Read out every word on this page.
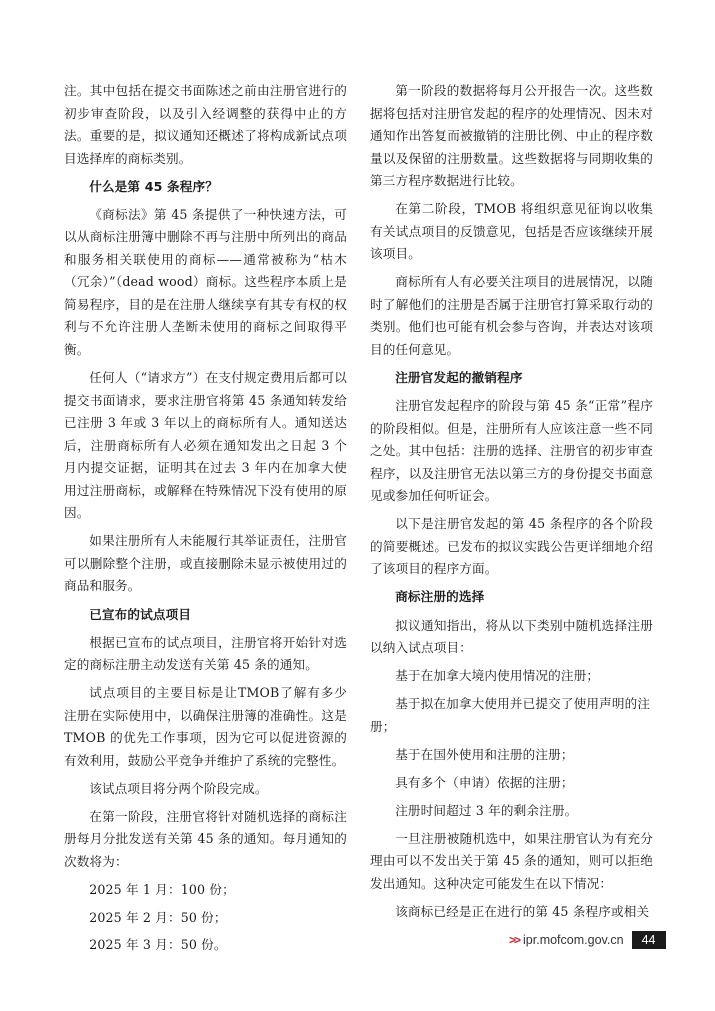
注。其中包括在提交书面陈述之前由注册官进行的初步审查阶段，以及引入经调整的获得中止的方法。重要的是，拟议通知还概述了将构成新试点项目选择库的商标类别。

什么是第 45 条程序？

《商标法》第 45 条提供了一种快速方法，可以从商标注册簿中删除不再与注册中所列出的商品和服务相关联使用的商标——通常被称为“枯木（冗余）”（dead wood）商标。这些程序本质上是简易程序，目的是在注册人继续享有其专有权的权利与不允许注册人垄断未使用的商标之间取得平衡。

任何人（“请求方”）在支付规定费用后都可以提交书面请求，要求注册官将第 45 条通知转发给已注册 3 年或 3 年以上的商标所有人。通知送达后，注册商标所有人必须在通知发出之日起 3 个月内提交证据，证明其在过去 3 年内在加拿大使用过注册商标，或解释在特殊情况下没有使用的原因。

如果注册所有人未能履行其举证责任，注册官可以删除整个注册，或直接删除未显示被使用过的商品和服务。

已宣布的试点项目

根据已宣布的试点项目，注册官将开始针对选定的商标注册主动发送有关第 45 条的通知。

试点项目的主要目标是让TMOB了解有多少注册在实际使用中，以确保注册簿的准确性。这是TMOB 的优先工作事项，因为它可以促进资源的有效利用，鼓励公平竞争并维护了系统的完整性。

该试点项目将分两个阶段完成。

在第一阶段，注册官将针对随机选择的商标注册每月分批发送有关第 45 条的通知。每月通知的次数将为：

2025 年 1 月：100 份；

2025 年 2 月：50 份；

2025 年 3 月：50 份。

第一阶段的数据将每月公开报告一次。这些数据将包括对注册官发起的程序的处理情况、因未对通知作出答复而被撤销的注册比例、中止的程序数量以及保留的注册数量。这些数据将与同期收集的第三方程序数据进行比较。

在第二阶段，TMOB 将组织意见征询以收集有关试点项目的反馈意见，包括是否应该继续开展该项目。

商标所有人有必要关注项目的进展情况，以随时了解他们的注册是否属于注册官打算采取行动的类别。他们也可能有机会参与咨询，并表达对该项目的任何意见。

注册官发起的撤销程序

注册官发起程序的阶段与第 45 条“正常”程序的阶段相似。但是，注册所有人应该注意一些不同之处。其中包括：注册的选择、注册官的初步审查程序，以及注册官无法以第三方的身份提交书面意见或参加任何听证会。

以下是注册官发起的第 45 条程序的各个阶段的简要概述。已发布的拟议实践公告更详细地介绍了该项目的程序方面。

商标注册的选择

拟议通知指出，将从以下类别中随机选择注册以纳入试点项目：

基于在加拿大境内使用情况的注册；

基于拟在加拿大使用并已提交了使用声明的注

册；

基于在国外使用和注册的注册；

具有多个（申请）依据的注册；

注册时间超过 3 年的剩余注册。

一旦注册被随机选中，如果注册官认为有充分理由可以不发出关于第 45 条的通知，则可以拒绝发出通知。这种决定可能发生在以下情况：

该商标已经是正在进行的第 45 条程序或相关

>> ipr.mofcom.gov.cn	44
